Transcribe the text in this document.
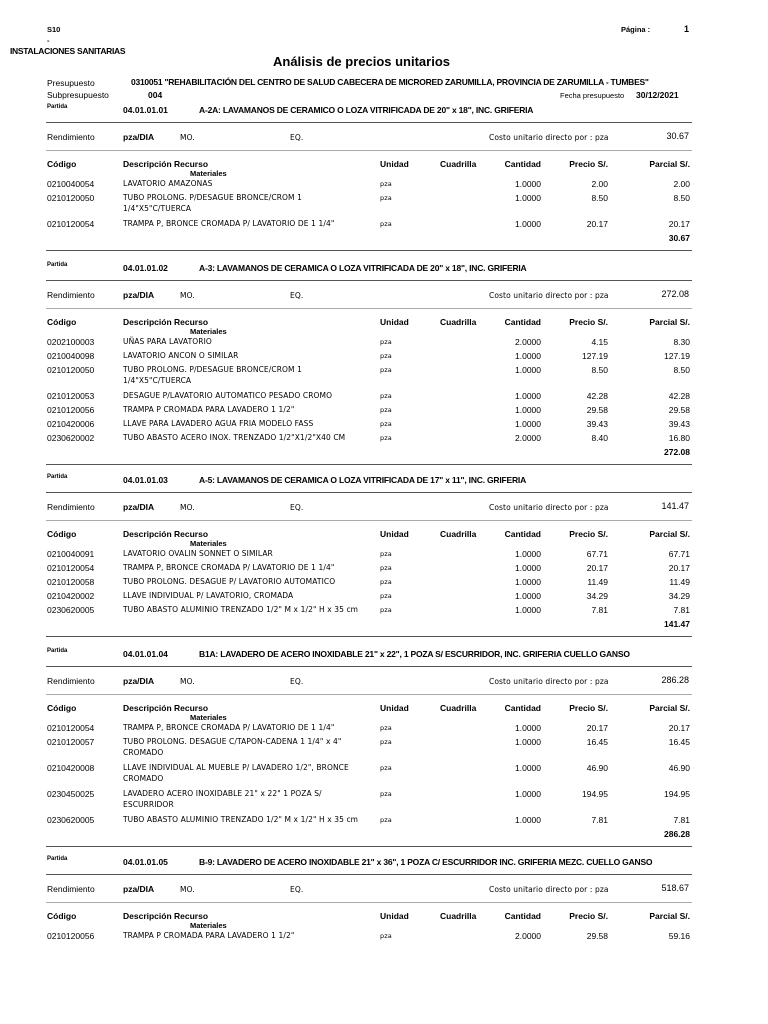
S10	Página :	1
-
INSTALACIONES SANITARIAS
Análisis de precios unitarios
Presupuesto	0310051 "REHABILITACIÓN DEL CENTRO DE SALUD CABECERA DE MICRORED ZARUMILLA, PROVINCIA DE ZARUMILLA - TUMBES"
Subpresupuesto	004	Fecha presupuesto 30/12/2021
Partida	04.01.01.01	A-2A: LAVAMANOS DE CERAMICO O LOZA VITRIFICADA DE 20" x 18", INC. GRIFERIA
Rendimiento	pza/DIA	MO.	EQ.	Costo unitario directo por : pza	30.67
Código	Descripción Recurso
Materiales
Unidad	Cuadrilla	Cantidad	Precio S/.	Parcial S/.
0210040054	LAVATORIO AMAZONAS	pza	1.0000	2.00	2.00
0210120050	TUBO PROLONG. P/DESAGUE BRONCE/CROM 1	pza	1.0000	8.50	8.50
1/4"X5"C/TUERCA
0210120054	TRAMPA P, BRONCE CROMADA P/ LAVATORIO DE 1 1/4"	pza	1.0000	20.17	20.17
30.67
Partida	04.01.01.02	A-3: LAVAMANOS DE CERAMICA O LOZA VITRIFICADA DE 20" x 18", INC. GRIFERIA
Rendimiento	pza/DIA	MO.	EQ.	Costo unitario directo por : pza	272.08
Código	Descripción Recurso
Materiales
Unidad	Cuadrilla	Cantidad	Precio S/.	Parcial S/.
0202100003	UÑAS PARA LAVATORIO	pza	2.0000	4.15	8.30
0210040098	LAVATORIO ANCON O SIMILAR	pza	1.0000	127.19	127.19
0210120050	TUBO PROLONG. P/DESAGUE BRONCE/CROM 1	pza	1.0000	8.50	8.50
1/4"X5"C/TUERCA
0210120053	DESAGUE P/LAVATORIO AUTOMATICO PESADO CROMO	pza	1.0000	42.28	42.28
0210120056	TRAMPA P CROMADA PARA LAVADERO 1 1/2"	pza	1.0000	29.58	29.58
0210420006	LLAVE PARA LAVADERO AGUA FRIA MODELO FASS	pza	1.0000	39.43	39.43
0230620002	TUBO ABASTO ACERO INOX. TRENZADO 1/2"X1/2"X40 CM	pza	2.0000	8.40	16.80
272.08
Partida	04.01.01.03	A-5: LAVAMANOS DE CERAMICA O LOZA VITRIFICADA DE 17" x 11", INC. GRIFERIA
Rendimiento	pza/DIA	MO.	EQ.	Costo unitario directo por : pza	141.47
Código	Descripción Recurso
Materiales
Unidad	Cuadrilla	Cantidad	Precio S/.	Parcial S/.
0210040091	LAVATORIO OVALIN SONNET O SIMILAR	pza	1.0000	67.71	67.71
0210120054	TRAMPA P, BRONCE CROMADA P/ LAVATORIO DE 1 1/4"	pza	1.0000	20.17	20.17
0210120058	TUBO PROLONG. DESAGUE P/ LAVATORIO AUTOMATICO	pza	1.0000	11.49	11.49
0210420002	LLAVE INDIVIDUAL P/ LAVATORIO, CROMADA	pza	1.0000	34.29	34.29
0230620005	TUBO ABASTO ALUMINIO TRENZADO 1/2" M x 1/2" H x 35 cm	pza	1.0000	7.81	7.81
141.47
Partida	04.01.01.04	B1A: LAVADERO DE ACERO INOXIDABLE 21" x 22", 1 POZA S/ ESCURRIDOR, INC. GRIFERIA CUELLO GANSO
Rendimiento	pza/DIA	MO.	EQ.	Costo unitario directo por : pza	286.28
Código	Descripción Recurso
Materiales
Unidad	Cuadrilla	Cantidad	Precio S/.	Parcial S/.
0210120054	TRAMPA P, BRONCE CROMADA P/ LAVATORIO DE 1 1/4"	pza	1.0000	20.17	20.17
0210120057	TUBO PROLONG. DESAGUE C/TAPON-CADENA 1 1/4" x 4"	pza	1.0000	16.45	16.45
CROMADO
0210420008	LLAVE INDIVIDUAL AL MUEBLE P/ LAVADERO 1/2", BRONCE	pza	1.0000	46.90	46.90
CROMADO
0230450025	LAVADERO ACERO INOXIDABLE 21" x 22" 1 POZA S/	pza	1.0000	194.95	194.95
ESCURRIDOR
0230620005	TUBO ABASTO ALUMINIO TRENZADO 1/2" M x 1/2" H x 35 cm	pza	1.0000	7.81	7.81
286.28
Partida	04.01.01.05	B-9: LAVADERO DE ACERO INOXIDABLE 21" x 36", 1 POZA C/ ESCURRIDOR INC. GRIFERIA MEZC. CUELLO GANSO
Rendimiento	pza/DIA	MO.	EQ.	Costo unitario directo por : pza	518.67
Código	Descripción Recurso
Materiales
Unidad	Cuadrilla	Cantidad	Precio S/.	Parcial S/.
0210120056	TRAMPA P CROMADA PARA LAVADERO 1 1/2"	pza	2.0000	29.58	59.16
